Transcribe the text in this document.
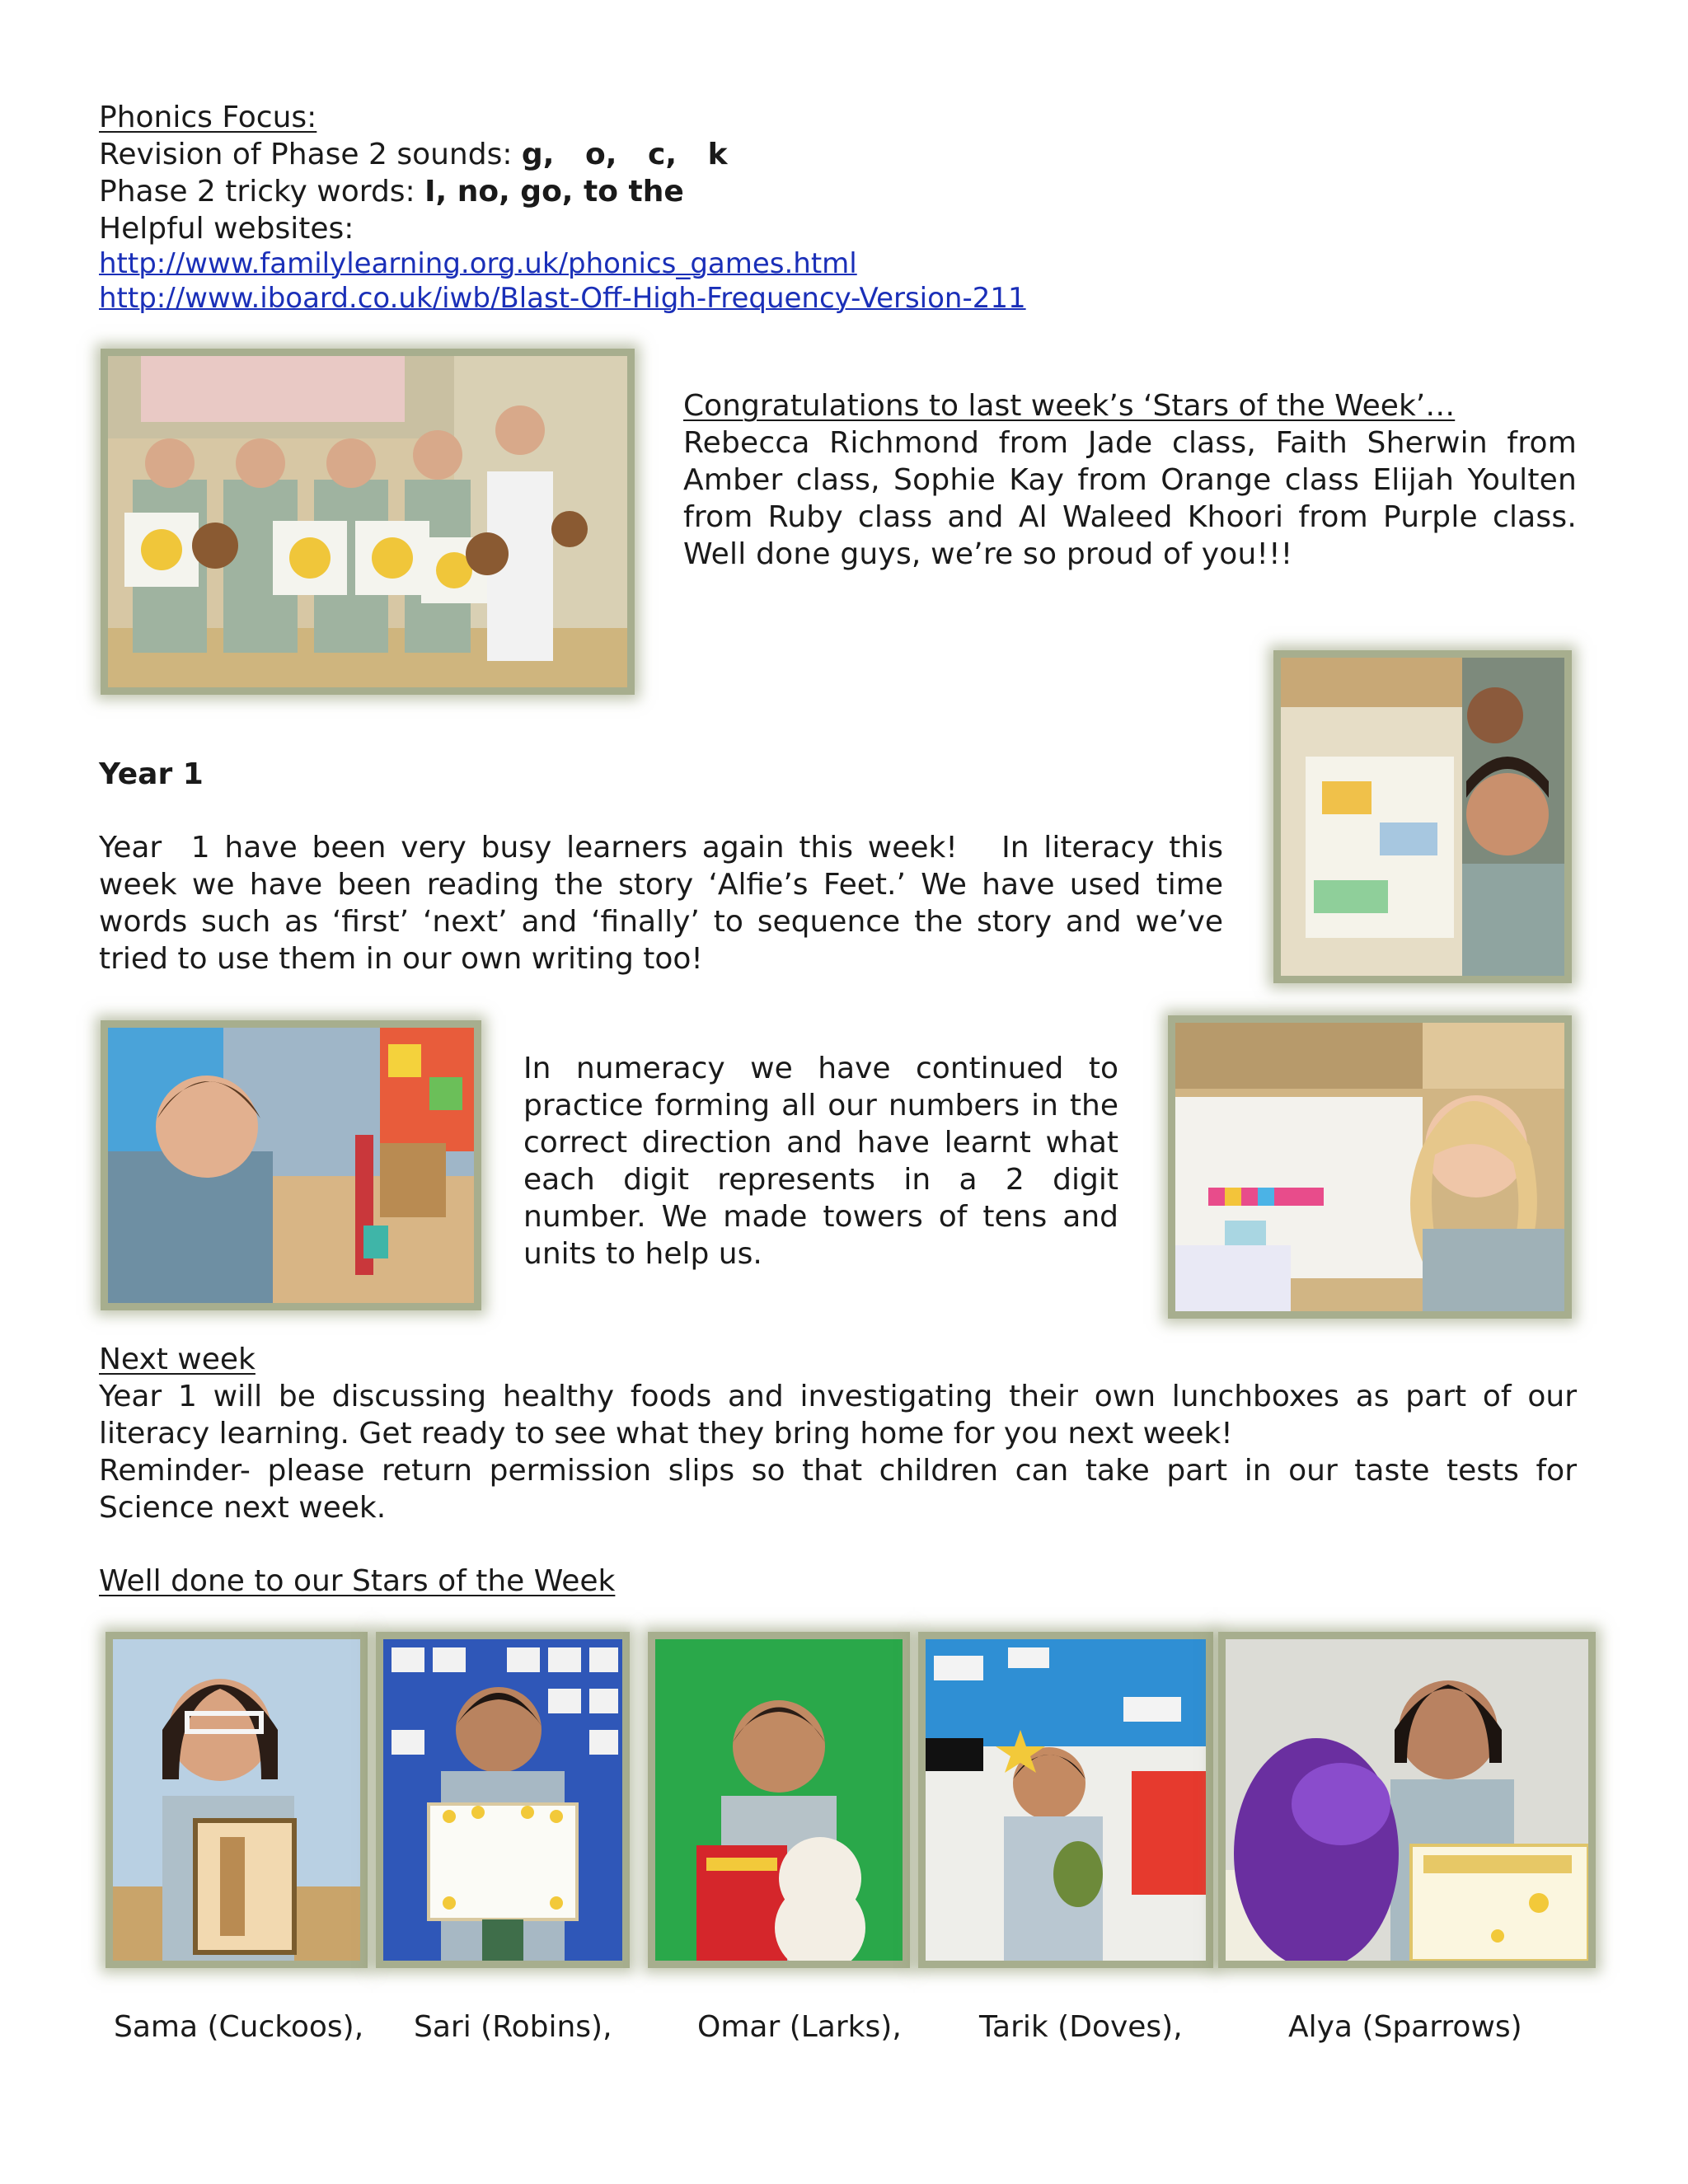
Phonics Focus:
Revision of Phase 2 sounds: g,   o,   c,   k
Phase 2 tricky words: I, no, go, to the
Helpful websites:
http://www.familylearning.org.uk/phonics_games.html
http://www.iboard.co.uk/iwb/Blast-Off-High-Frequency-Version-211
Congratulations to last week’s ‘Stars of the Week’…

Rebecca Richmond from Jade class, Faith Sherwin from Amber class, Sophie Kay from Orange class Elijah Youlten from Ruby class and Al Waleed Khoori from Purple class. Well done guys, we’re so proud of you!!!

Year 1

Year  1 have been very busy learners again this week!   In literacy this week we have been reading the story ‘Alfie’s Feet.’ We have used time words such as ‘first’ ‘next’ and ‘finally’ to sequence the story and we’ve tried to use them in our own writing too!

In numeracy we have continued to practice forming all our numbers in the correct direction and have learnt what each digit represents in a 2 digit number. We made towers of tens and units to help us.

Next week

Year 1 will be discussing healthy foods and investigating their own lunchboxes as part of our literacy learning. Get ready to see what they bring home for you next week!

Reminder- please return permission slips so that children can take part in our taste tests for Science next week.

Well done to our Stars of the Week
Sama (Cuckoos), Sari (Robins),	Omar (Larks),	Tarik (Doves),	Alya (Sparrows)
